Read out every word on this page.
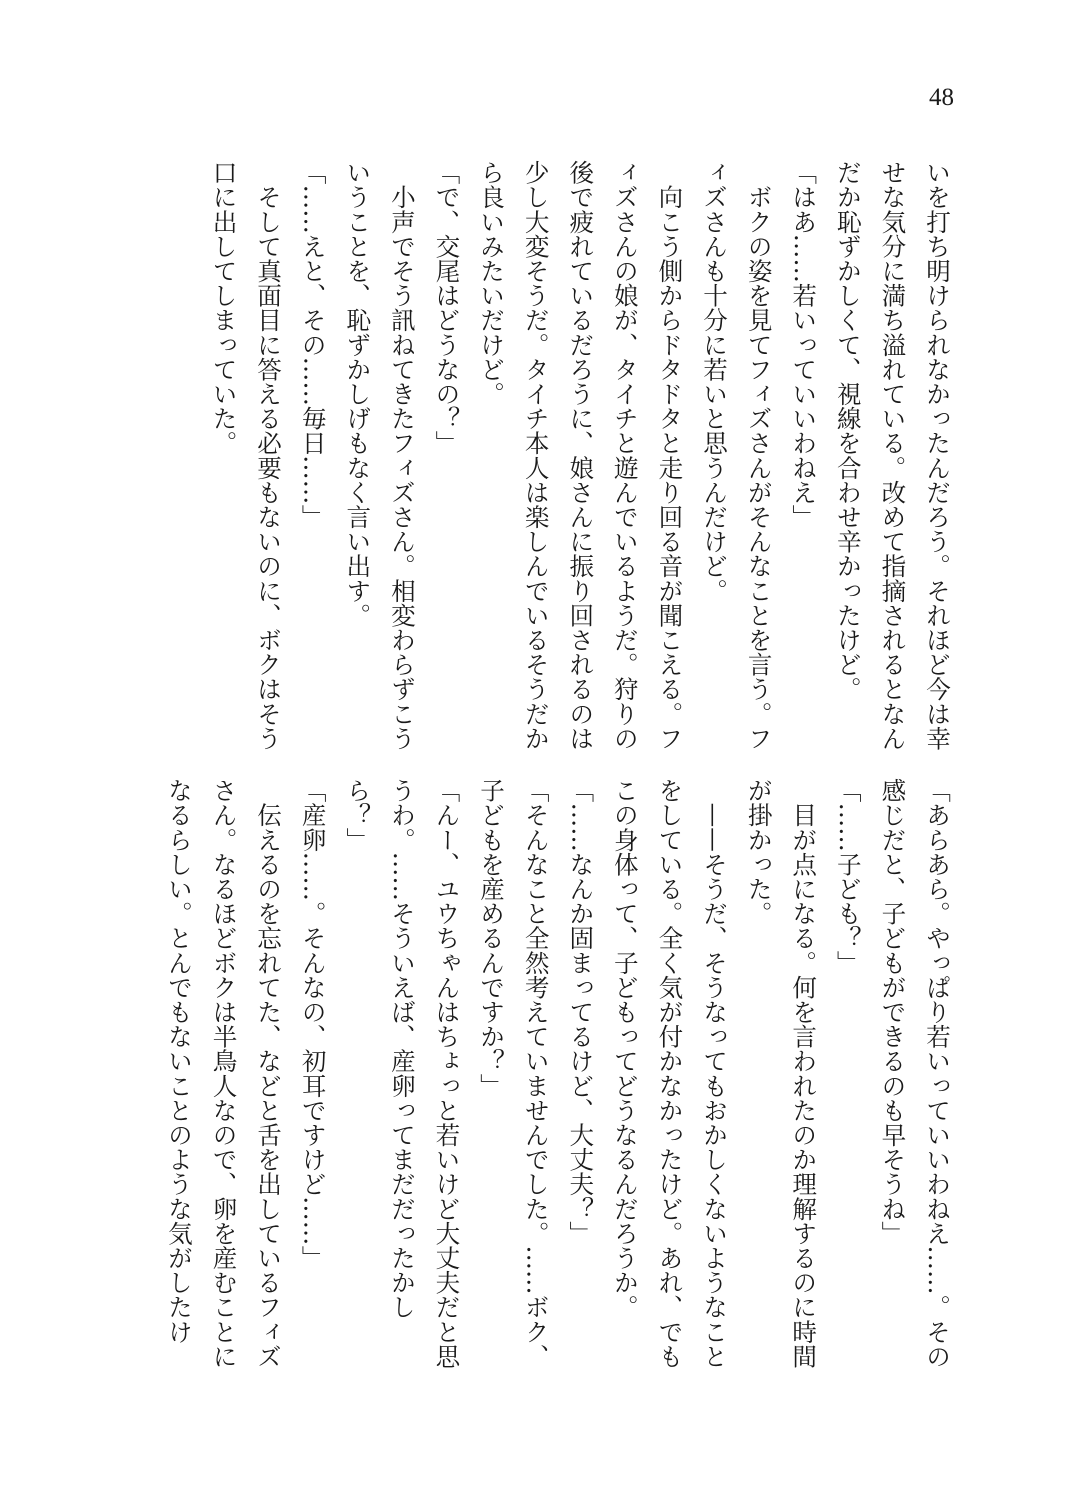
48
いを打ち明けられなかったんだろう。それほど今は幸
せな気分に満ち溢れている。改めて指摘されるとなん
だか恥ずかしくて、視線を合わせ辛かったけど。
「はあ……若いっていいわねえ」
　ボクの姿を見てフィズさんがそんなことを言う。フ
ィズさんも十分に若いと思うんだけど。
　向こう側からドタドタと走り回る音が聞こえる。フ
ィズさんの娘が、タイチと遊んでいるようだ。狩りの
後で疲れているだろうに、娘さんに振り回されるのは
少し大変そうだ。タイチ本人は楽しんでいるそうだか
ら良いみたいだけど。
「で、交尾はどうなの？」
　小声でそう訊ねてきたフィズさん。相変わらずこう
いうことを、恥ずかしげもなく言い出す。
「……えと、その……毎日……」
　そして真面目に答える必要もないのに、ボクはそう
口に出してしまっていた。
「あらあら。やっぱり若いっていいわねえ……。その
感じだと、子どもができるのも早そうね」
「……子ども？」
　目が点になる。何を言われたのか理解するのに時間
が掛かった。
　——そうだ、そうなってもおかしくないようなこと
をしている。全く気が付かなかったけど。あれ、でも
この身体って、子どもってどうなるんだろうか。
「……なんか固まってるけど、大丈夫？」
「そんなこと全然考えていませんでした。……ボク、
子どもを産めるんですか？」
「んー、ユウちゃんはちょっと若いけど大丈夫だと思
うわ。……そういえば、産卵ってまだだったかし
ら？」
「産卵……。そんなの、初耳ですけど……」
　伝えるのを忘れてた、などと舌を出しているフィズ
さん。なるほどボクは半鳥人なので、卵を産むことに
なるらしい。とんでもないことのような気がしたけ
